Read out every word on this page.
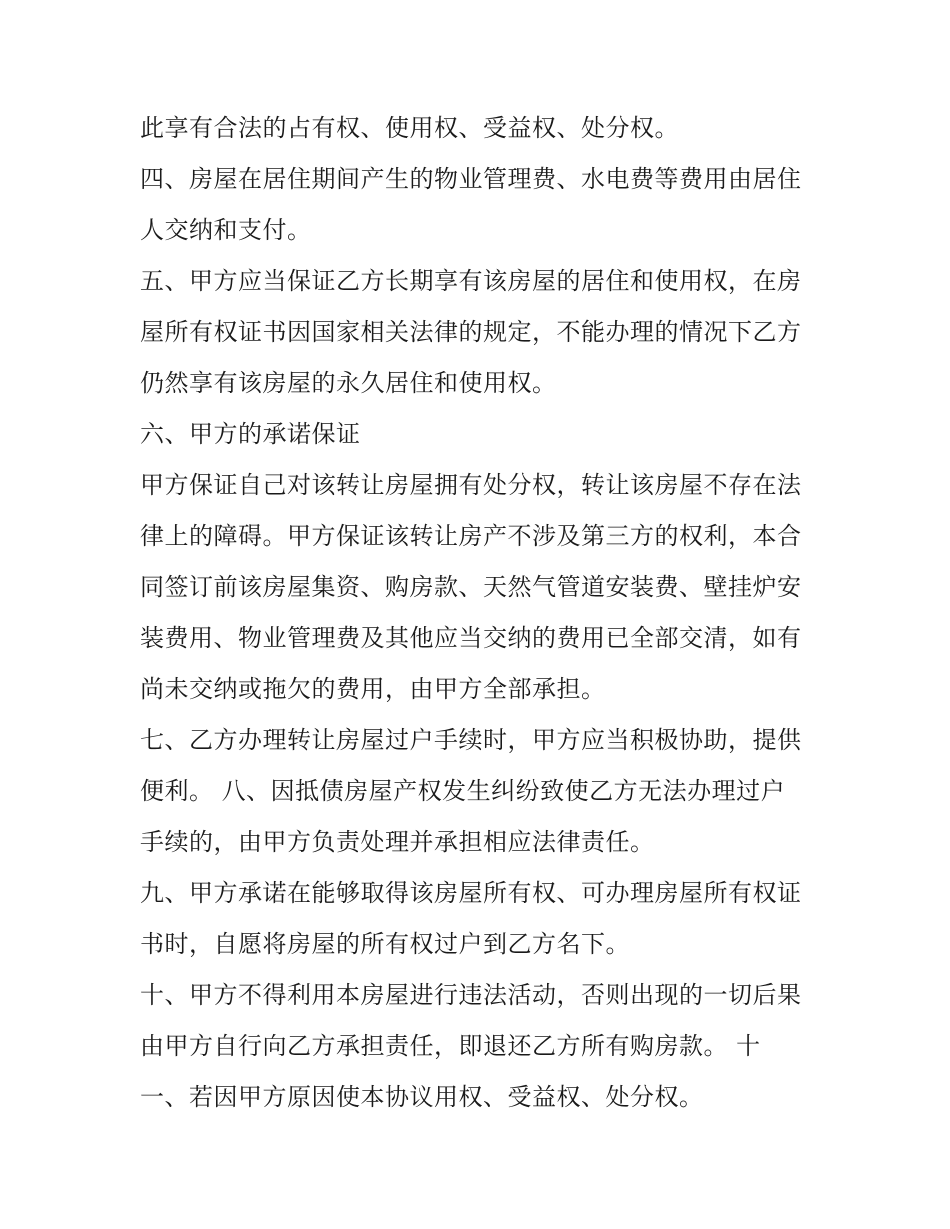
此享有合法的占有权、使用权、受益权、处分权。
四、房屋在居住期间产生的物业管理费、水电费等费用由居住
人交纳和支付。
五、甲方应当保证乙方长期享有该房屋的居住和使用权，在房
屋所有权证书因国家相关法律的规定，不能办理的情况下乙方
仍然享有该房屋的永久居住和使用权。
六、甲方的承诺保证
甲方保证自己对该转让房屋拥有处分权，转让该房屋不存在法
律上的障碍。甲方保证该转让房产不涉及第三方的权利，本合
同签订前该房屋集资、购房款、天然气管道安装费、壁挂炉安
装费用、物业管理费及其他应当交纳的费用已全部交清，如有
尚未交纳或拖欠的费用，由甲方全部承担。
七、乙方办理转让房屋过户手续时，甲方应当积极协助，提供
便利。 八、因抵债房屋产权发生纠纷致使乙方无法办理过户
手续的，由甲方负责处理并承担相应法律责任。
九、甲方承诺在能够取得该房屋所有权、可办理房屋所有权证
书时，自愿将房屋的所有权过户到乙方名下。
十、甲方不得利用本房屋进行违法活动，否则出现的一切后果
由甲方自行向乙方承担责任，即退还乙方所有购房款。 十
一、若因甲方原因使本协议用权、受益权、处分权。
